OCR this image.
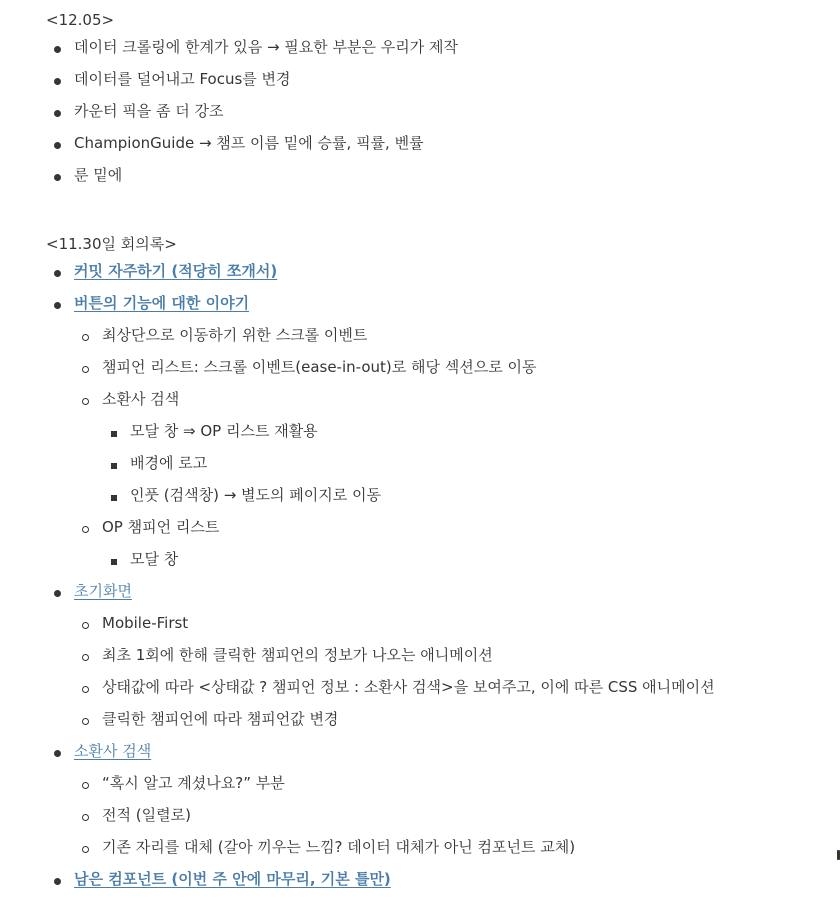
<12.05>

데이터 크롤링에 한계가 있음 → 필요한 부분은 우리가 제작
데이터를 덜어내고 Focus를 변경
카운터 픽을 좀 더 강조
ChampionGuide → 챔프 이름 밑에 승률, 픽률, 벤률
룬 밑에

<11.30일 회의록>

커밋 자주하기 (적당히 쪼개서)
버튼의 기능에 대한 이야기
최상단으로 이동하기 위한 스크롤 이벤트
챔피언 리스트: 스크롤 이벤트(ease-in-out)로 해당 섹션으로 이동
소환사 검색
모달 창 ⇒ OP 리스트 재활용
배경에 로고
인풋 (검색창) → 별도의 페이지로 이동
OP 챔피언 리스트
모달 창
초기화면
Mobile-First
최초 1회에 한해 클릭한 챔피언의 정보가 나오는 애니메이션
상태값에 따라 <상태값 ? 챔피언 정보 : 소환사 검색>을 보여주고, 이에 따른 CSS 애니메이션
클릭한 챔피언에 따라 챔피언값 변경
소환사 검색
“혹시 알고 계셨나요?” 부분
전적 (일렬로)
기존 자리를 대체 (갈아 끼우는 느낌? 데이터 대체가 아닌 컴포넌트 교체)
남은 컴포넌트 (이번 주 안에 마무리, 기본 틀만)
